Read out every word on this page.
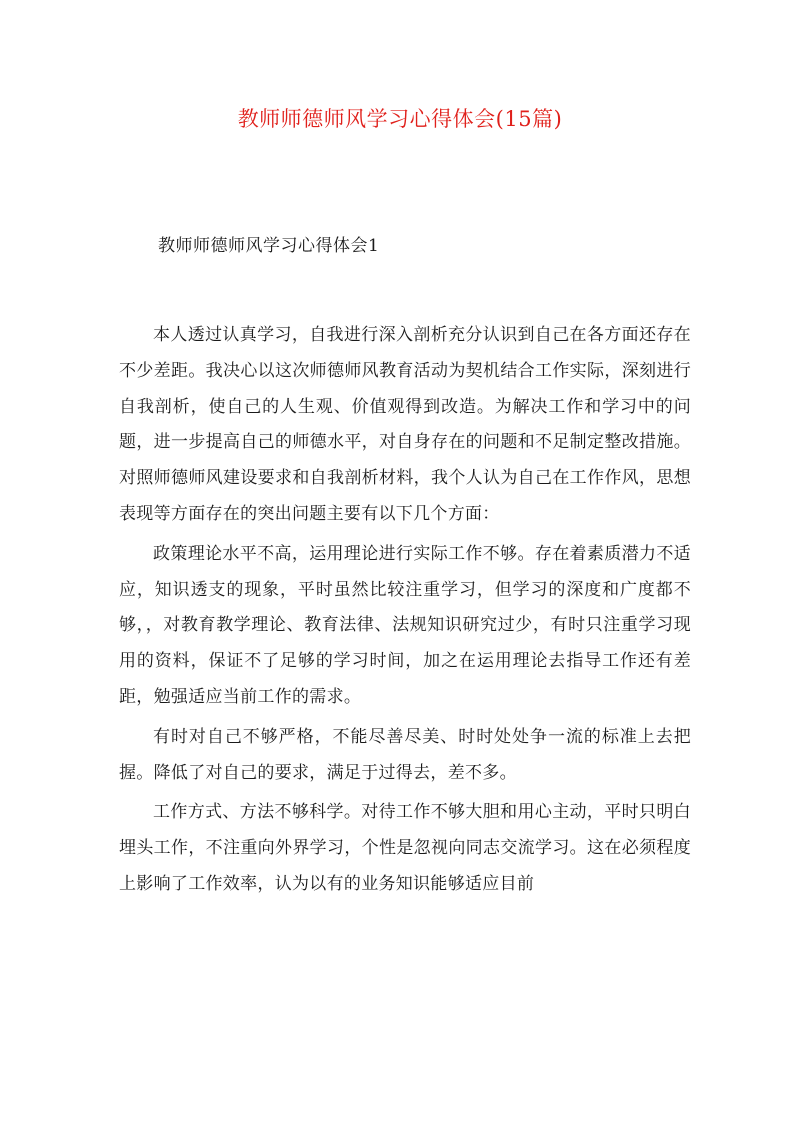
教师师德师风学习心得体会(15篇)
教师师德师风学习心得体会1

本人透过认真学习，自我进行深入剖析充分认识到自己在各方面还存在不少差距。我决心以这次师德师风教育活动为契机结合工作实际，深刻进行自我剖析，使自己的人生观、价值观得到改造。为解决工作和学习中的问题，进一步提高自己的师德水平，对自身存在的问题和不足制定整改措施。对照师德师风建设要求和自我剖析材料，我个人认为自己在工作作风，思想表现等方面存在的突出问题主要有以下几个方面：

政策理论水平不高，运用理论进行实际工作不够。存在着素质潜力不适应，知识透支的现象，平时虽然比较注重学习，但学习的深度和广度都不够，，对教育教学理论、教育法律、法规知识研究过少，有时只注重学习现用的资料，保证不了足够的学习时间，加之在运用理论去指导工作还有差距，勉强适应当前工作的需求。

有时对自己不够严格，不能尽善尽美、时时处处争一流的标准上去把握。降低了对自己的要求，满足于过得去，差不多。

工作方式、方法不够科学。对待工作不够大胆和用心主动，平时只明白埋头工作，不注重向外界学习，个性是忽视向同志交流学习。这在必须程度上影响了工作效率，认为以有的业务知识能够适应目前
